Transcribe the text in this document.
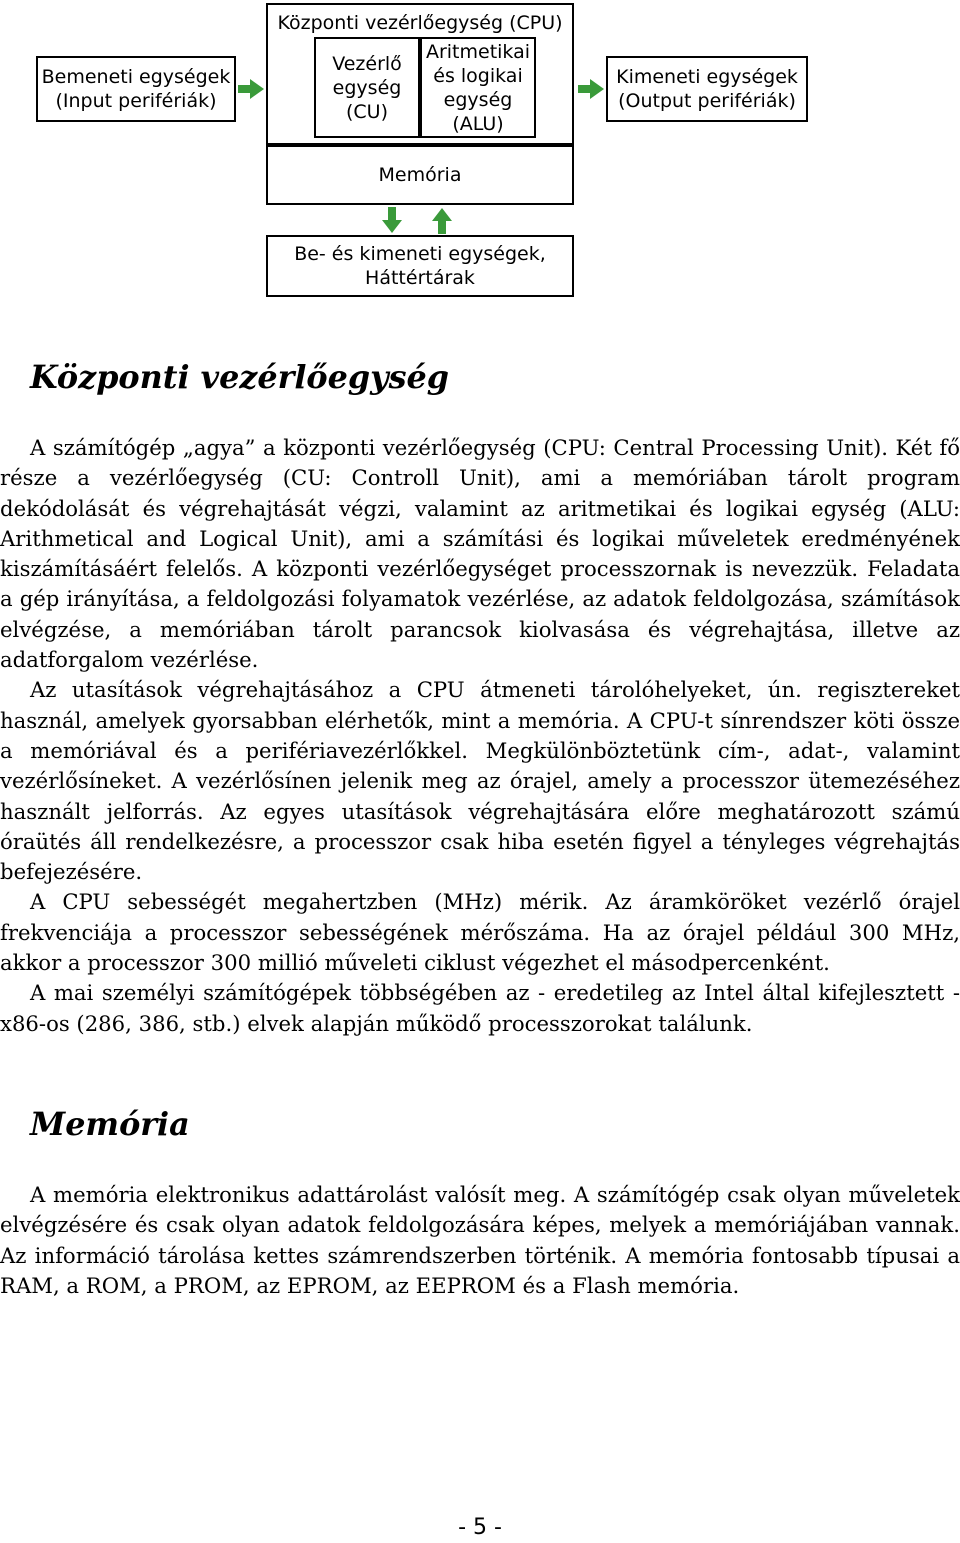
Központi vezérlőegység (CPU)
Vezérlő
egység
(CU)
Aritmetikai
és logikai
egység
(ALU)
Bemeneti egységek
(Input perifériák)
Kimeneti egységek
(Output perifériák)
Memória
Be- és kimeneti egységek,
Háttértárak
Központi vezérlőegység

A számítógép „agya” a központi vezérlőegység (CPU: Central Processing Unit). Két fő része a vezérlőegység (CU: Controll Unit), ami a memóriában tárolt program dekódolását és végrehajtását végzi, valamint az aritmetikai és logikai egység (ALU: Arithmetical and Logical Unit), ami a számítási és logikai műveletek eredményének kiszámításáért felelős. A központi vezérlőegységet processzornak is nevezzük. Feladata a gép irányítása, a feldolgozási folyamatok vezérlése, az adatok feldolgozása, számítások elvégzése, a memóriában tárolt parancsok kiolvasása és végrehajtása, illetve az adatforgalom vezérlése.

Az utasítások végrehajtásához a CPU átmeneti tárolóhelyeket, ún. regisztereket használ, amelyek gyorsabban elérhetők, mint a memória. A CPU-t sínrendszer köti össze a memóriával és a perifériavezérlőkkel. Megkülönböztetünk cím-, adat-, valamint vezérlősíneket. A vezérlősínen jelenik meg az órajel, amely a processzor ütemezéséhez használt jelforrás. Az egyes utasítások végrehajtására előre meghatározott számú óraütés áll rendelkezésre, a processzor csak hiba esetén figyel a tényleges végrehajtás befejezésére.

A CPU sebességét megahertzben (MHz) mérik. Az áramköröket vezérlő órajel frekvenciája a processzor sebességének mérőszáma. Ha az órajel például 300 MHz, akkor a processzor 300 millió műveleti ciklust végezhet el másodpercenként.

A mai személyi számítógépek többségében az - eredetileg az Intel által kifejlesztett - x86-os (286, 386, stb.) elvek alapján működő processzorokat találunk.

Memória

A memória elektronikus adattárolást valósít meg. A számítógép csak olyan műveletek elvégzésére és csak olyan adatok feldolgozására képes, melyek a memóriájában vannak. Az információ tárolása kettes számrendszerben történik. A memória fontosabb típusai a RAM, a ROM, a PROM, az EPROM, az EEPROM és a Flash memória.

- 5 -
